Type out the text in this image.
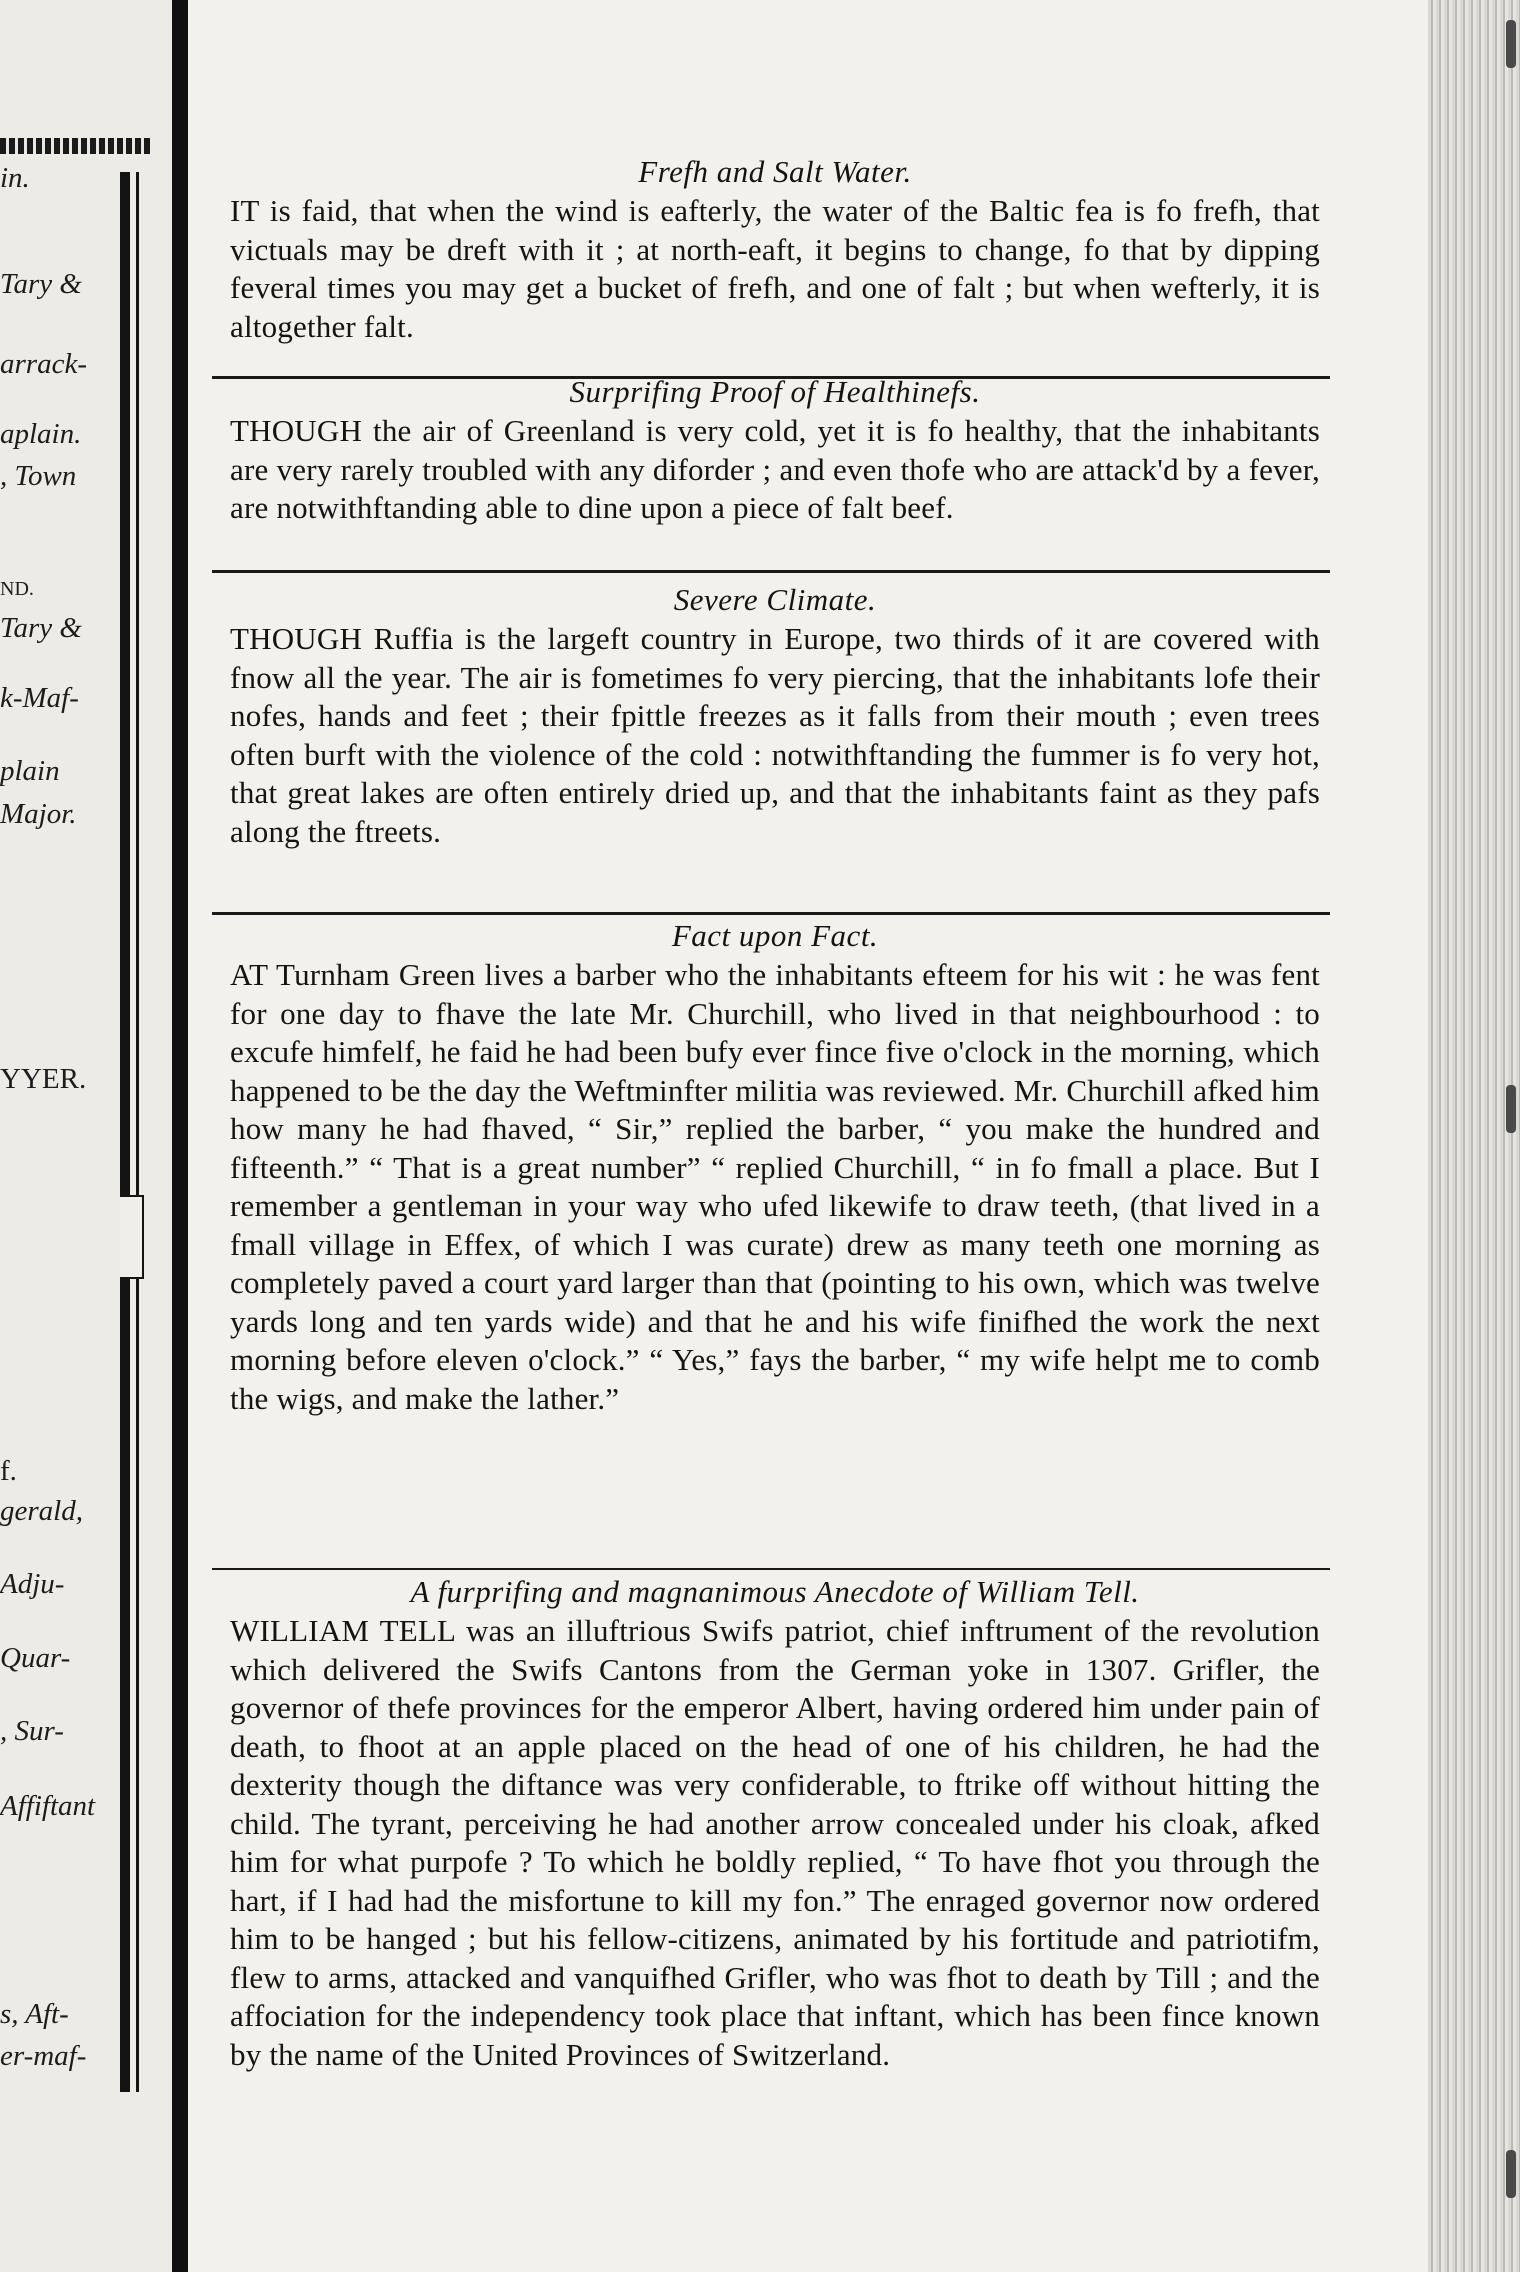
in.
Tary &
arrack-
aplain.
, Town
ND.
Tary &
k-Maf-
plain
Major.
YYER.
f.
gerald,
Adju-
Quar-
, Sur-
Affiftant
s, Aft-
er-maf-

Frefh and Salt Water.

IT is faid, that when the wind is eafterly, the water of the Baltic fea is fo frefh, that victuals may be dreft with it ; at north-eaft, it begins to change, fo that by dipping feveral times you may get a bucket of frefh, and one of falt ; but when wefterly, it is altogether falt.

Surprifing Proof of Healthinefs.

THOUGH the air of Greenland is very cold, yet it is fo healthy, that the inhabitants are very rarely troubled with any diforder ; and even thofe who are attack'd by a fever, are notwithftanding able to dine upon a piece of falt beef.

Severe Climate.

THOUGH Ruffia is the largeft country in Europe, two thirds of it are covered with fnow all the year. The air is fometimes fo very piercing, that the inhabitants lofe their nofes, hands and feet ; their fpittle freezes as it falls from their mouth ; even trees often burft with the violence of the cold : notwithftanding the fummer is fo very hot, that great lakes are often entirely dried up, and that the inhabitants faint as they pafs along the ftreets.

Fact upon Fact.

AT Turnham Green lives a barber who the inhabitants efteem for his wit : he was fent for one day to fhave the late Mr. Churchill, who lived in that neighbourhood : to excufe himfelf, he faid he had been bufy ever fince five o'clock in the morning, which happened to be the day the Weftminfter militia was reviewed. Mr. Churchill afked him how many he had fhaved, “ Sir,” replied the barber, “ you make the hundred and fifteenth.” “ That is a great number” “ replied Churchill, “ in fo fmall a place. But I remember a gentleman in your way who ufed likewife to draw teeth, (that lived in a fmall village in Effex, of which I was curate) drew as many teeth one morning as completely paved a court yard larger than that (pointing to his own, which was twelve yards long and ten yards wide) and that he and his wife finifhed the work the next morning before eleven o'clock.” “ Yes,” fays the barber, “ my wife helpt me to comb the wigs, and make the lather.”

A furprifing and magnanimous Anecdote of William Tell.

WILLIAM TELL was an illuftrious Swifs patriot, chief inftrument of the revolution which delivered the Swifs Cantons from the German yoke in 1307. Grifler, the governor of thefe provinces for the emperor Albert, having ordered him under pain of death, to fhoot at an apple placed on the head of one of his children, he had the dexterity though the diftance was very confiderable, to ftrike off without hitting the child. The tyrant, perceiving he had another arrow concealed under his cloak, afked him for what purpofe ? To which he boldly replied, “ To have fhot you through the hart, if I had had the misfortune to kill my fon.” The enraged governor now ordered him to be hanged ; but his fellow-citizens, animated by his fortitude and patriotifm, flew to arms, attacked and vanquifhed Grifler, who was fhot to death by Till ; and the affociation for the independency took place that inftant, which has been fince known by the name of the United Provinces of Switzerland.
